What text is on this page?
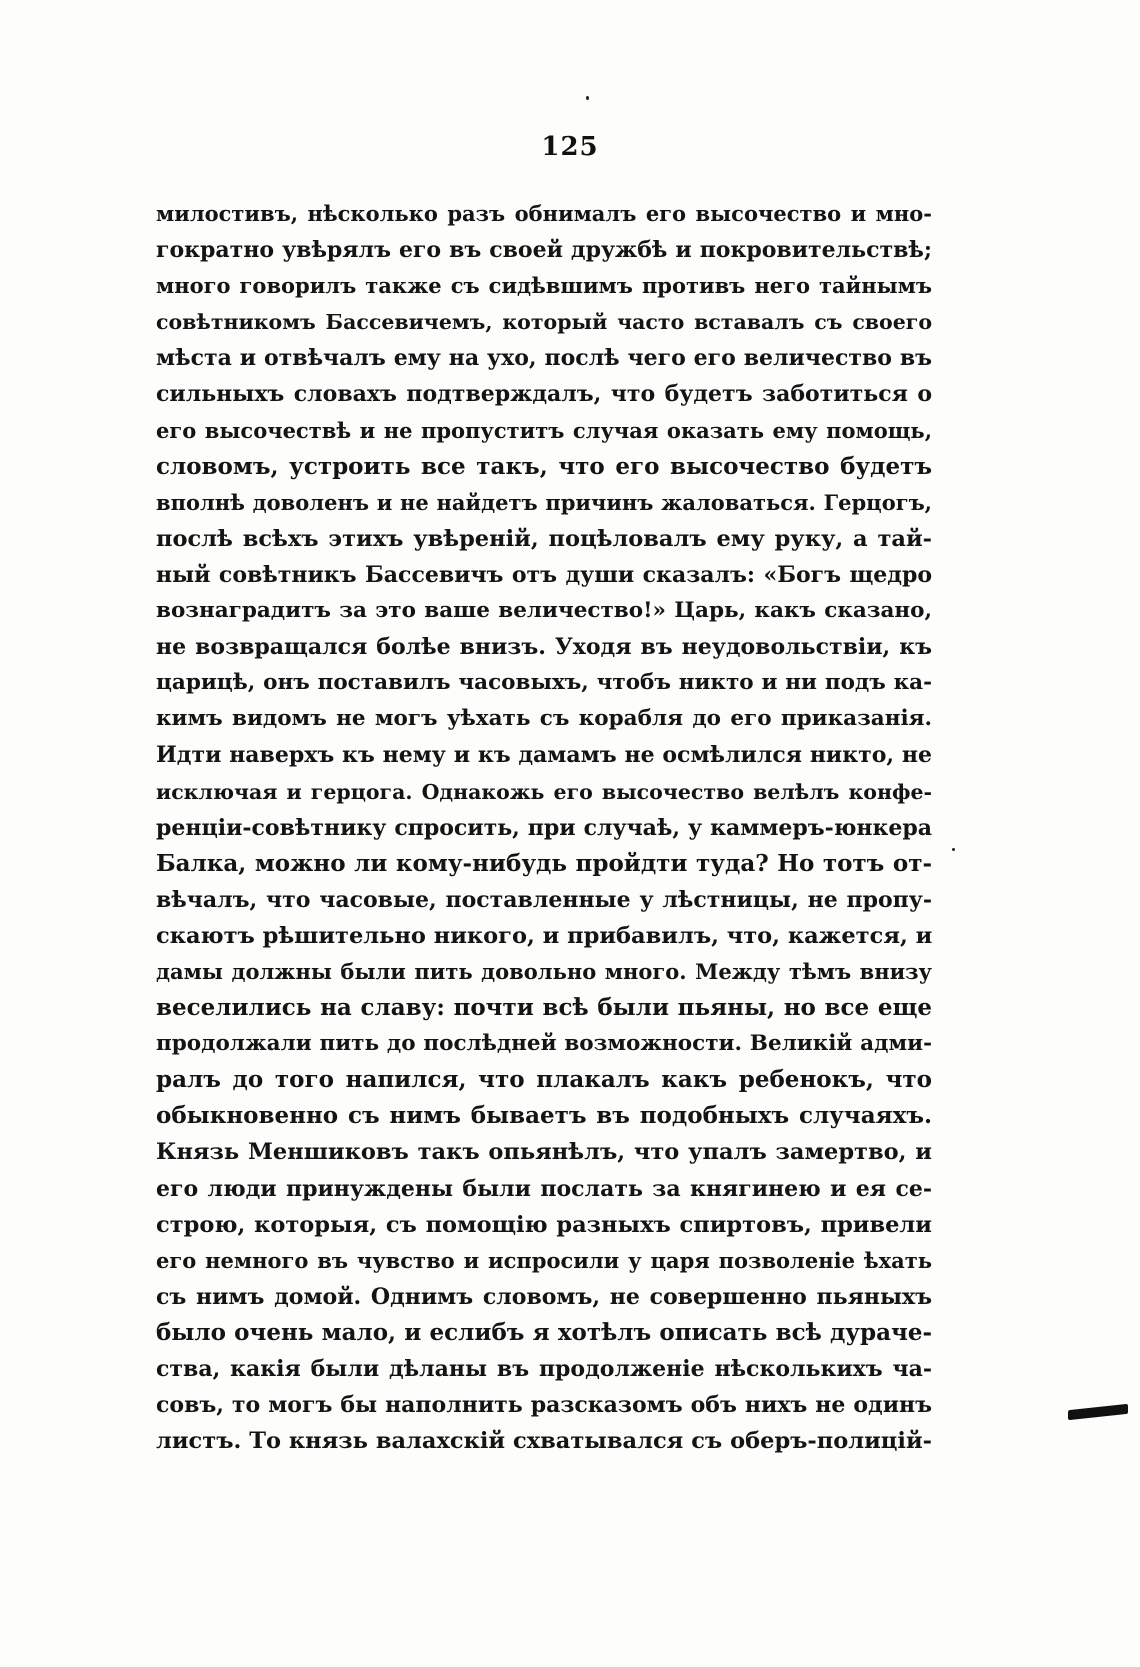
125
милостивъ, нѣсколько разъ обнималъ его высочество и мно-
гократно увѣрялъ его въ своей дружбѣ и покровительствѣ;
много говорилъ также съ сидѣвшимъ противъ него тайнымъ
совѣтникомъ Бассевичемъ, который часто вставалъ съ своего
мѣста и отвѣчалъ ему на ухо, послѣ чего его величество въ
сильныхъ словахъ подтверждалъ, что будетъ заботиться о
его высочествѣ и не пропуститъ случая оказать ему помощь,
словомъ, устроить все такъ, что его высочество будетъ
вполнѣ доволенъ и не найдетъ причинъ жаловаться. Герцогъ,
послѣ всѣхъ этихъ увѣреній, поцѣловалъ ему руку, а тай-
ный совѣтникъ Бассевичъ отъ души сказалъ: «Богъ щедро
вознаградитъ за это ваше величество!» Царь, какъ сказано,
не возвращался болѣе внизъ. Уходя въ неудовольствіи, къ
царицѣ, онъ поставилъ часовыхъ, чтобъ никто и ни подъ ка-
кимъ видомъ не могъ уѣхать съ корабля до его приказанія.
Идти наверхъ къ нему и къ дамамъ не осмѣлился никто, не
исключая и герцога. Однакожь его высочество велѣлъ конфе-
ренціи-совѣтнику спросить, при случаѣ, у каммеръ-юнкера
Балка, можно ли кому-нибудь пройдти туда? Но тотъ от-
вѣчалъ, что часовые, поставленные у лѣстницы, не пропу-
скаютъ рѣшительно никого, и прибавилъ, что, кажется, и
дамы должны были пить довольно много. Между тѣмъ внизу
веселились на славу: почти всѣ были пьяны, но все еще
продолжали пить до послѣдней возможности. Великій адми-
ралъ до того напился, что плакалъ какъ ребенокъ, что
обыкновенно съ нимъ бываетъ въ подобныхъ случаяхъ.
Князь Меншиковъ такъ опьянѣлъ, что упалъ замертво, и
его люди принуждены были послать за княгинею и ея се-
строю, которыя, съ помощію разныхъ спиртовъ, привели
его немного въ чувство и испросили у царя позволеніе ѣхать
съ нимъ домой. Однимъ словомъ, не совершенно пьяныхъ
было очень мало, и еслибъ я хотѣлъ описать всѣ дурачe-
ства, какія были дѣланы въ продолженіе нѣсколькихъ ча-
совъ, то могъ бы наполнить разсказомъ объ нихъ не одинъ
листъ. То князь валахскій схватывался съ оберъ-полицій-
